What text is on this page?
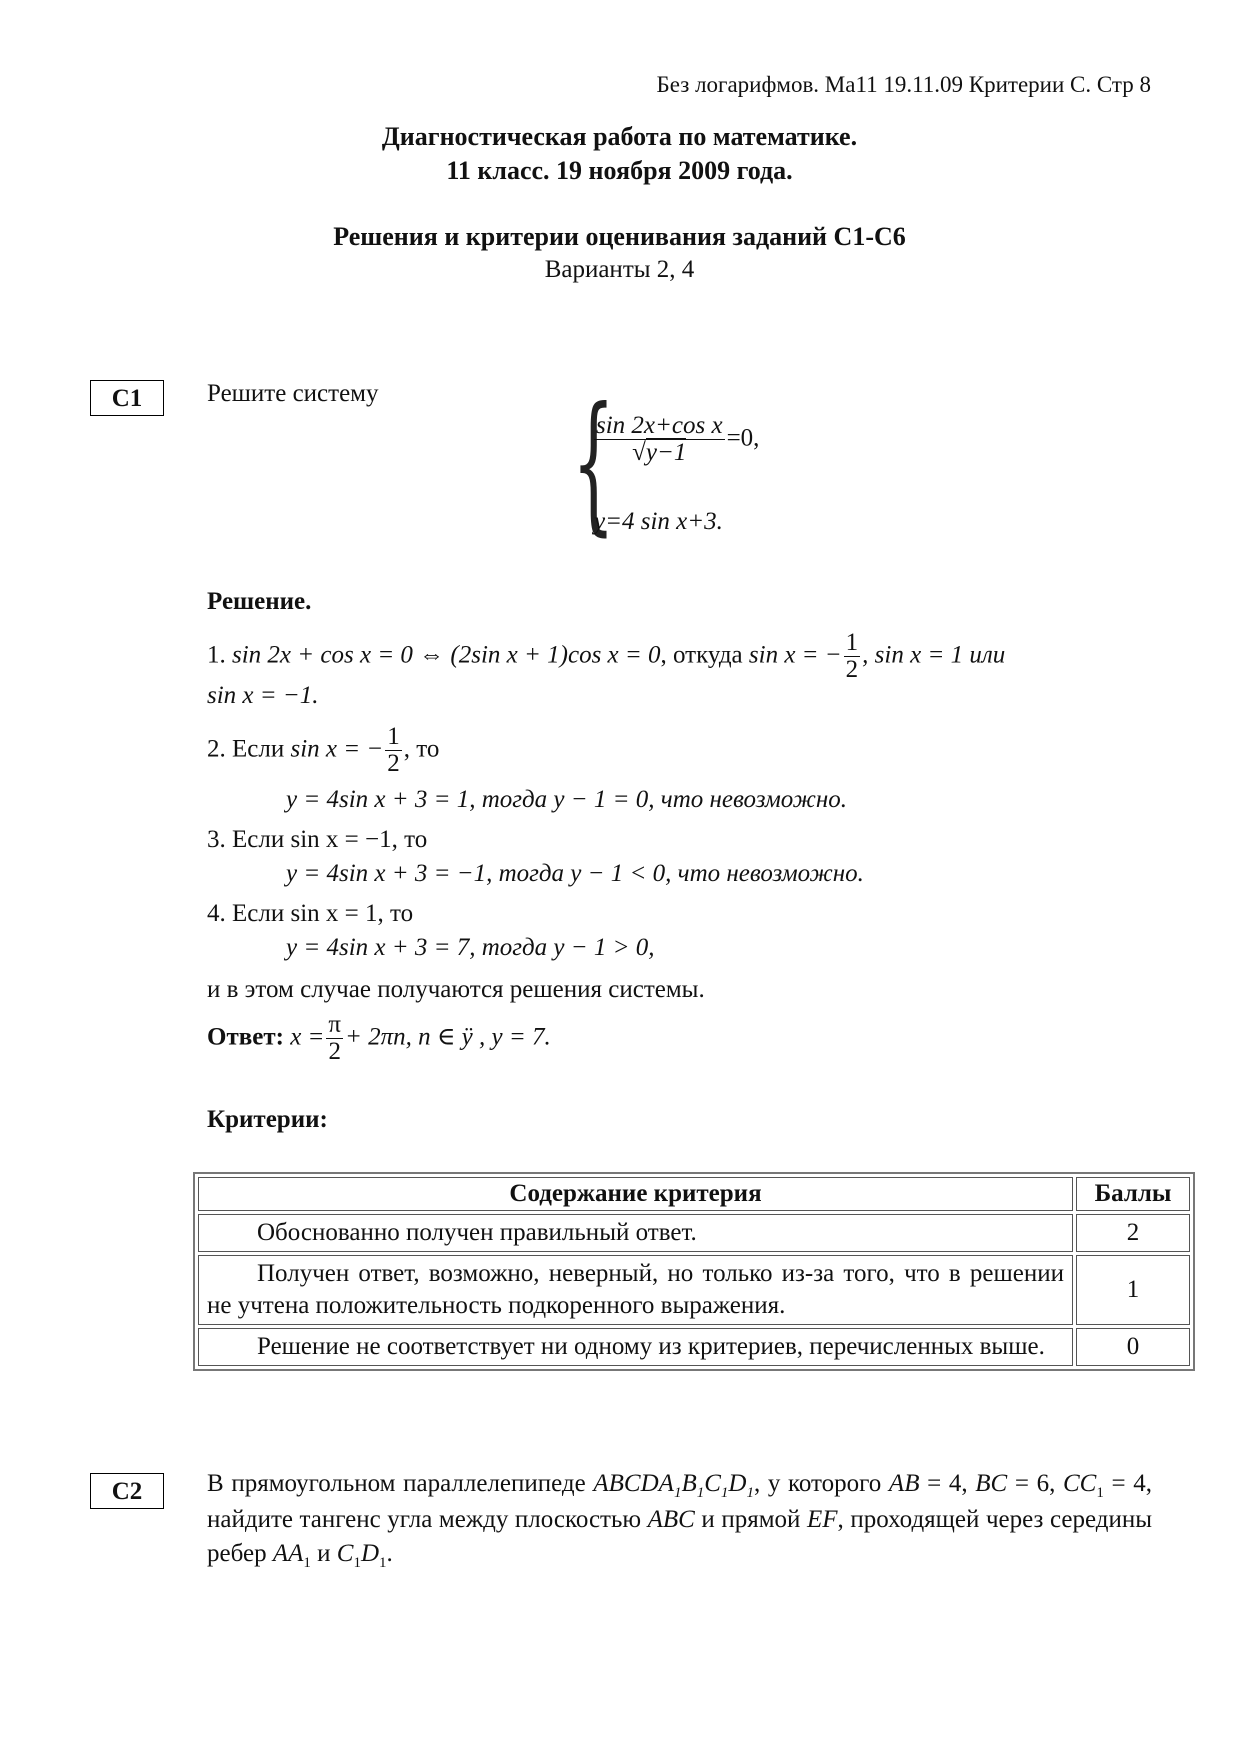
Без логарифмов. Ма11 19.11.09 Критерии С. Стр 8
Диагностическая работа по математике.
11 класс. 19 ноября 2009 года.
Решения и критерии оценивания заданий С1-С6
Варианты 2, 4
С1	Решите систему {
$\frac{\text{sin 2x+cos x}}{√y-1} =0$,
y=4 sin x+3.
Решение.
1. sin 2x + cos x = 0 ⇔ (2sin x + 1)cos x = 0, откуда sin x = − $\frac{1}{2}$ , sin x = 1 или
sin x = −1.
2. Если sin x = − $\frac{1}{2}$ , то
y = 4sin x + 3 = 1, тогда y − 1 = 0, что невозможно.
3. Если sin x = −1, то
y = 4sin x + 3 = −1, тогда y − 1 < 0, что невозможно.
4. Если sin x = 1, то
y = 4sin x + 3 = 7, тогда y − 1 > 0,
и в этом случае получаются решения системы.
Ответ: $x = \frac{\pi}{2} + 2\pi n$, n ∈ ÿ , y = 7.
Критерии:
Содержание критерия	Баллы
Обоснованно получен правильный ответ.	2
Получен ответ, возможно, неверный, но только из-за того, что в решении не учтена положительность подкоренного выражения.	1
Решение не соответствует ни одному из критериев, перечисленных выше.	0
С2	В прямоугольном параллелепипеде $ABCDA_1B_1C_1D_1$, у которого AB = 4, BC = 6, $CC_1 = 4$, найдите тангенс угла между плоскостью ABC и прямой EF, проходящей через середины ребер $AA_1$ и $C_1D_1$.
